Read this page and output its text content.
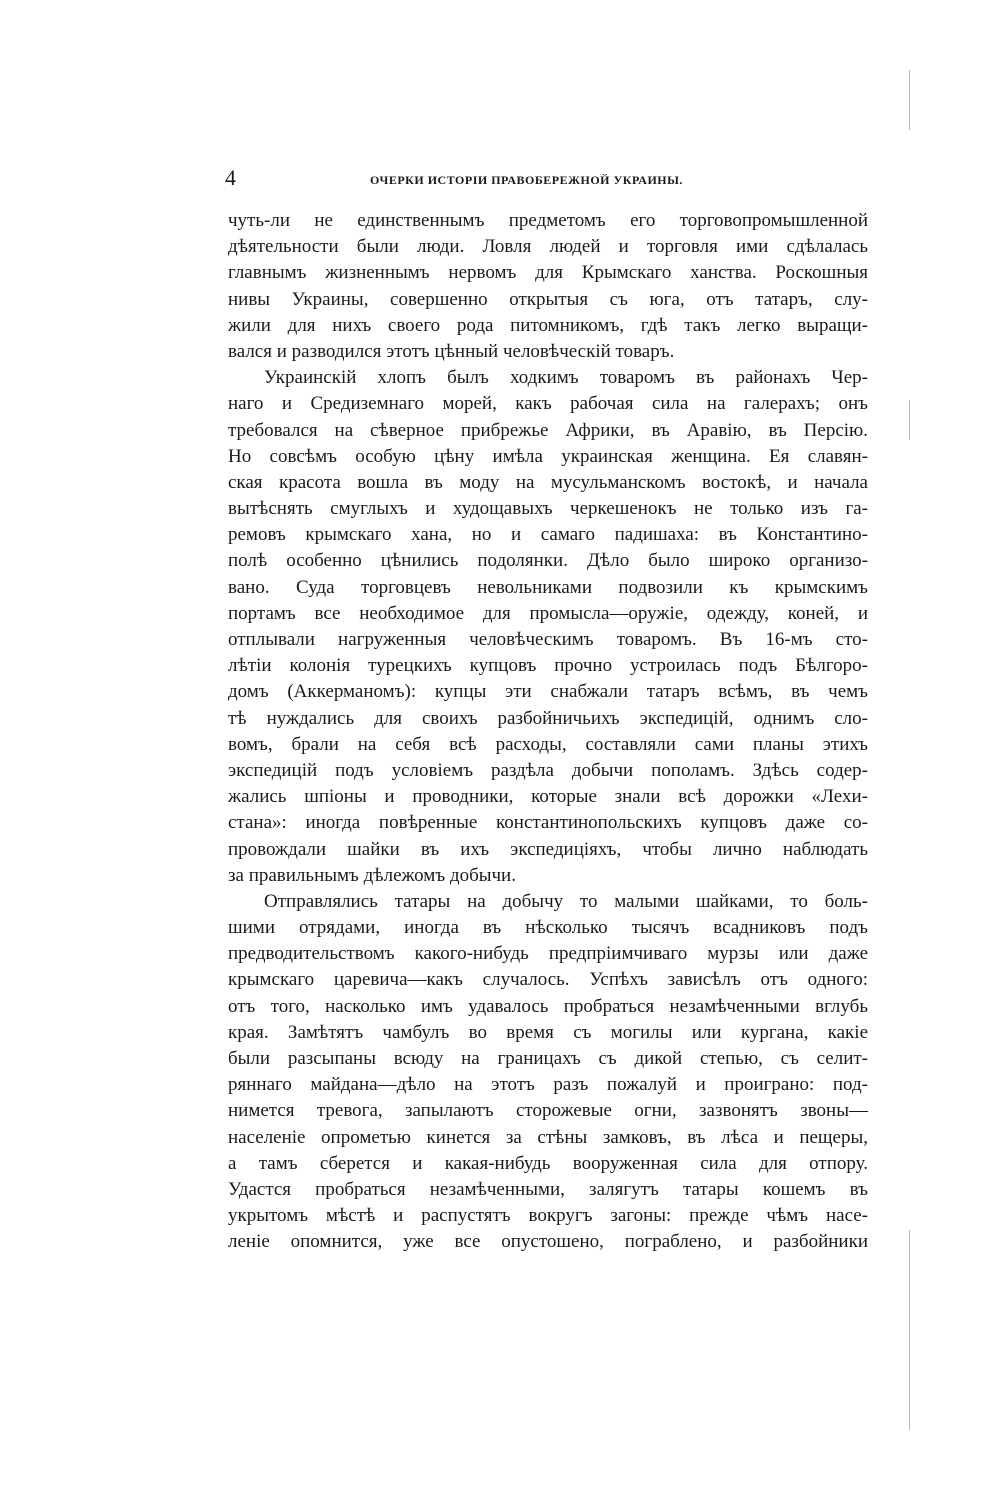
4	ОЧЕРКИ ИСТОРІИ ПРАВОБЕРЕЖНОЙ УКРАИНЫ.
чуть-ли не единственнымъ предметомъ его торговопромышленной
дѣятельности были люди. Ловля людей и торговля ими сдѣлалась
главнымъ жизненнымъ нервомъ для Крымскаго ханства. Роскошныя
нивы Украины, совершенно открытыя съ юга, отъ татаръ, слу-
жили для нихъ своего рода питомникомъ, гдѣ такъ легко выращи-
вался и разводился этотъ цѣнный человѣческій товаръ.
Украинскій хлопъ былъ ходкимъ товаромъ въ районахъ Чер-
наго и Средиземнаго морей, какъ рабочая сила на галерахъ; онъ
требовался на сѣверное прибрежье Африки, въ Аравію, въ Персію.
Но совсѣмъ особую цѣну имѣла украинская женщина. Ея славян-
ская красота вошла въ моду на мусульманскомъ востокѣ, и начала
вытѣснять смуглыхъ и худощавыхъ черкешенокъ не только изъ га-
ремовъ крымскаго хана, но и самаго падишаха: въ Константино-
полѣ особенно цѣнились подолянки. Дѣло было широко организо-
вано. Суда торговцевъ невольниками подвозили къ крымскимъ
портамъ все необходимое для промысла—оружіе, одежду, коней, и
отплывали нагруженныя человѣческимъ товаромъ. Въ 16-мъ сто-
лѣтіи колонія турецкихъ купцовъ прочно устроилась подъ Бѣлгоро-
домъ (Аккерманомъ): купцы эти снабжали татаръ всѣмъ, въ чемъ
тѣ нуждались для своихъ разбойничьихъ экспедицій, однимъ сло-
вомъ, брали на себя всѣ расходы, составляли сами планы этихъ
экспедицій подъ условіемъ раздѣла добычи пополамъ. Здѣсь содер-
жались шпіоны и проводники, которые знали всѣ дорожки «Лехи-
стана»: иногда повѣренные константинопольскихъ купцовъ даже со-
провождали шайки въ ихъ экспедиціяхъ, чтобы лично наблюдать
за правильнымъ дѣлежомъ добычи.
Отправлялись татары на добычу то малыми шайками, то боль-
шими отрядами, иногда въ нѣсколько тысячъ всадниковъ подъ
предводительствомъ какого-нибудь предпріимчиваго мурзы или даже
крымскаго царевича—какъ случалось. Успѣхъ зависѣлъ отъ одного:
отъ того, насколько имъ удавалось пробраться незамѣченными вглубь
края. Замѣтятъ чамбулъ во время съ могилы или кургана, какіе
были разсыпаны всюду на границахъ съ дикой степью, съ селит-
ряннаго майдана—дѣло на этотъ разъ пожалуй и проиграно: под-
нимется тревога, запылаютъ сторожевые огни, зазвонятъ звоны—
населеніе опрометью кинется за стѣны замковъ, въ лѣса и пещеры,
а тамъ сберется и какая-нибудь вооруженная сила для отпору.
Удастся пробраться незамѣченными, залягутъ татары кошемъ въ
укрытомъ мѣстѣ и распустятъ вокругъ загоны: прежде чѣмъ насе-
леніе опомнится, уже все опустошено, пограблено, и разбойники
